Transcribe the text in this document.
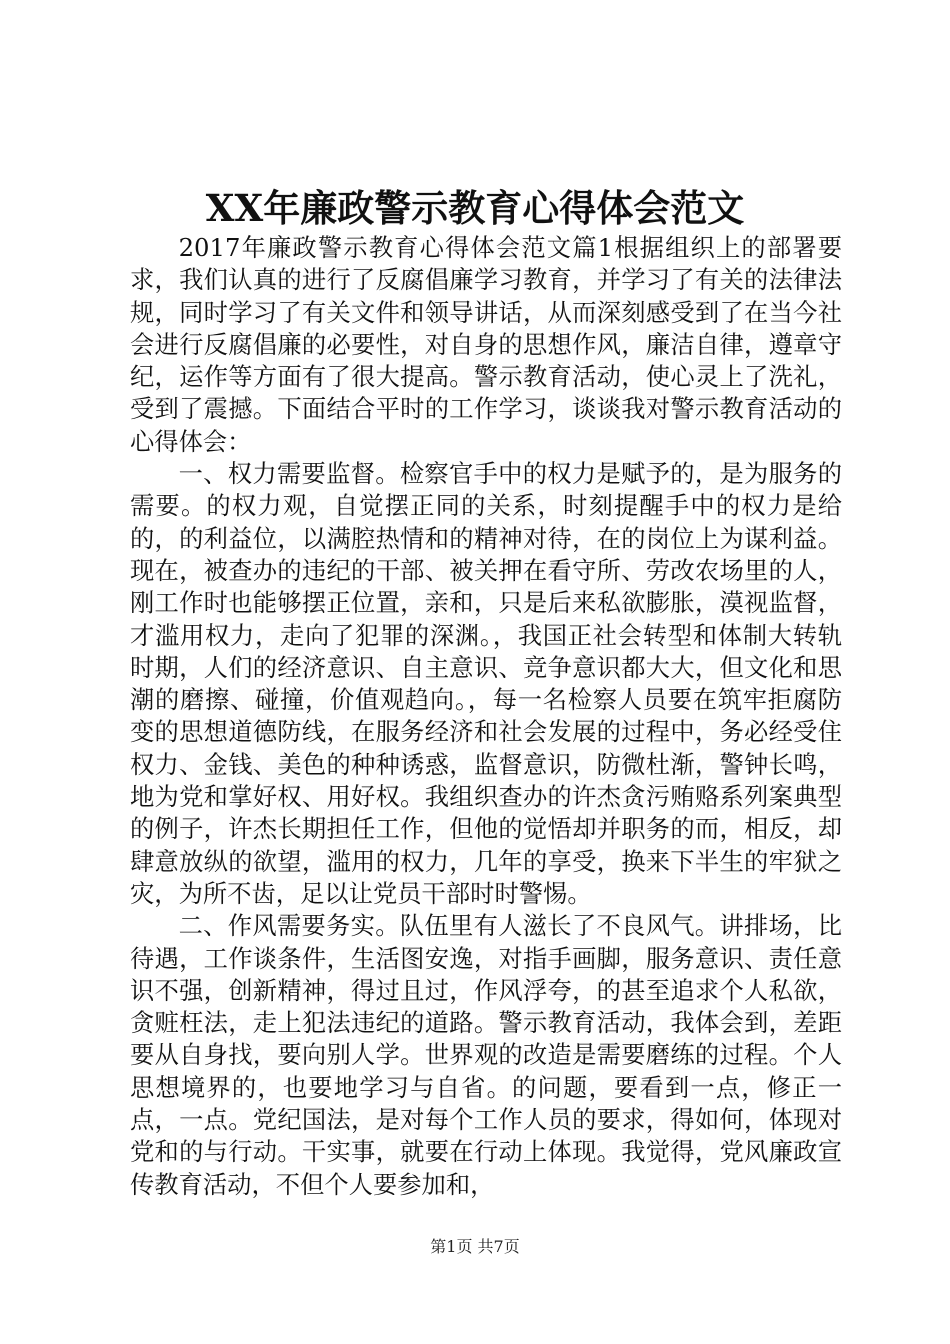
XX年廉政警示教育心得体会范文

2017年廉政警示教育心得体会范文篇1根据组织上的部署要求，我们认真的进行了反腐倡廉学习教育，并学习了有关的法律法规，同时学习了有关文件和领导讲话，从而深刻感受到了在当今社会进行反腐倡廉的必要性，对自身的思想作风，廉洁自律，遵章守纪，运作等方面有了很大提高。警示教育活动，使心灵上了洗礼，受到了震撼。下面结合平时的工作学习，谈谈我对警示教育活动的心得体会：

一、权力需要监督。检察官手中的权力是赋予的，是为服务的需要。的权力观，自觉摆正同的关系，时刻提醒手中的权力是给的，的利益位，以满腔热情和的精神对待，在的岗位上为谋利益。现在，被查办的违纪的干部、被关押在看守所、劳改农场里的人，刚工作时也能够摆正位置，亲和，只是后来私欲膨胀，漠视监督，才滥用权力，走向了犯罪的深渊。，我国正社会转型和体制大转轨时期，人们的经济意识、自主意识、竞争意识都大大，但文化和思潮的磨擦、碰撞，价值观趋向。，每一名检察人员要在筑牢拒腐防变的思想道德防线，在服务经济和社会发展的过程中，务必经受住权力、金钱、美色的种种诱惑，监督意识，防微杜渐，警钟长鸣，地为党和掌好权、用好权。我组织查办的许杰贪污贿赂系列案典型的例子，许杰长期担任工作，但他的觉悟却并职务的而，相反，却肆意放纵的欲望，滥用的权力，几年的享受，换来下半生的牢狱之灾，为所不齿，足以让党员干部时时警惕。

二、作风需要务实。队伍里有人滋长了不良风气。讲排场，比待遇，工作谈条件，生活图安逸，对指手画脚，服务意识、责任意识不强，创新精神，得过且过，作风浮夸，的甚至追求个人私欲，贪赃枉法，走上犯法违纪的道路。警示教育活动，我体会到，差距要从自身找，要向别人学。世界观的改造是需要磨练的过程。个人思想境界的，也要地学习与自省。的问题，要看到一点，修正一点，一点。党纪国法，是对每个工作人员的要求，得如何，体现对党和的与行动。干实事，就要在行动上体现。我觉得，党风廉政宣传教育活动，不但个人要参加和，

第1页 共7页
